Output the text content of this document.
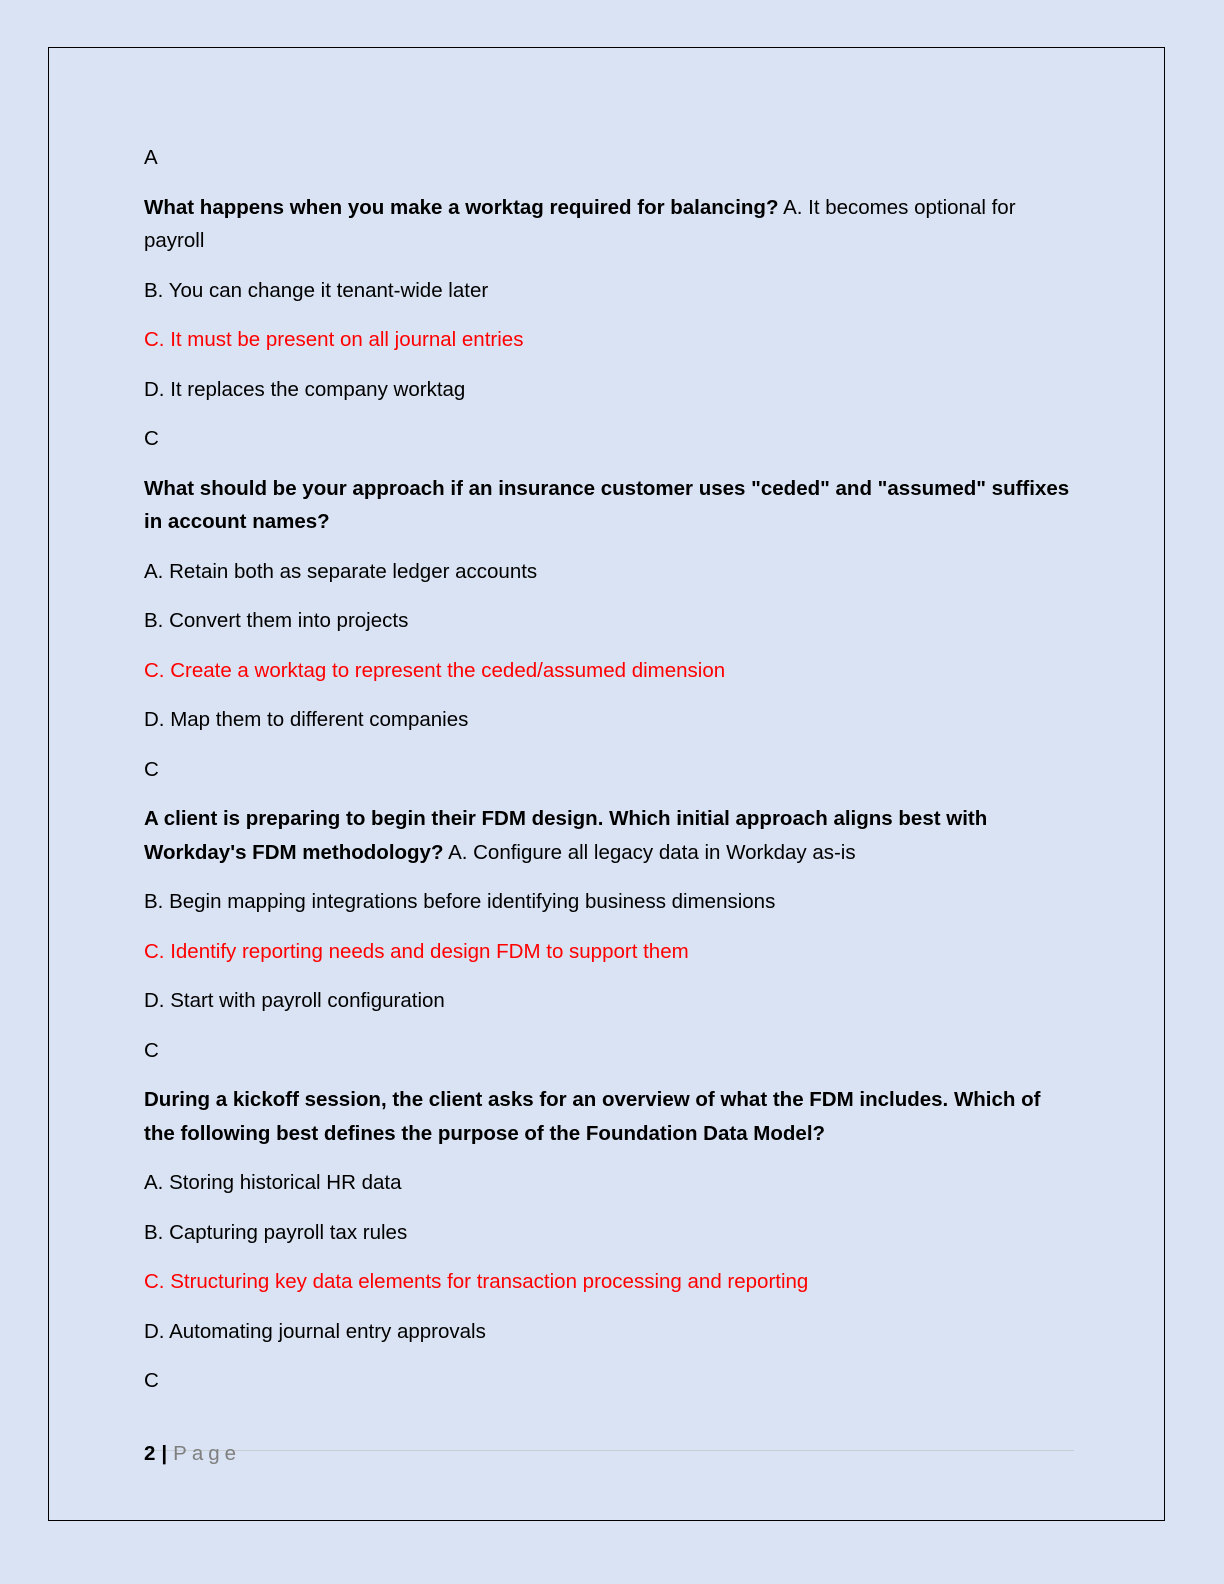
A

What happens when you make a worktag required for balancing? A. It becomes optional for payroll

B. You can change it tenant-wide later

C. It must be present on all journal entries

D. It replaces the company worktag

C

What should be your approach if an insurance customer uses "ceded" and "assumed" suffixes in account names?

A. Retain both as separate ledger accounts

B. Convert them into projects

C. Create a worktag to represent the ceded/assumed dimension

D. Map them to different companies

C

A client is preparing to begin their FDM design. Which initial approach aligns best with Workday's FDM methodology? A. Configure all legacy data in Workday as-is

B. Begin mapping integrations before identifying business dimensions

C. Identify reporting needs and design FDM to support them

D. Start with payroll configuration

C

During a kickoff session, the client asks for an overview of what the FDM includes. Which of the following best defines the purpose of the Foundation Data Model?

A. Storing historical HR data

B. Capturing payroll tax rules

C. Structuring key data elements for transaction processing and reporting

D. Automating journal entry approvals

C

2 | Page
